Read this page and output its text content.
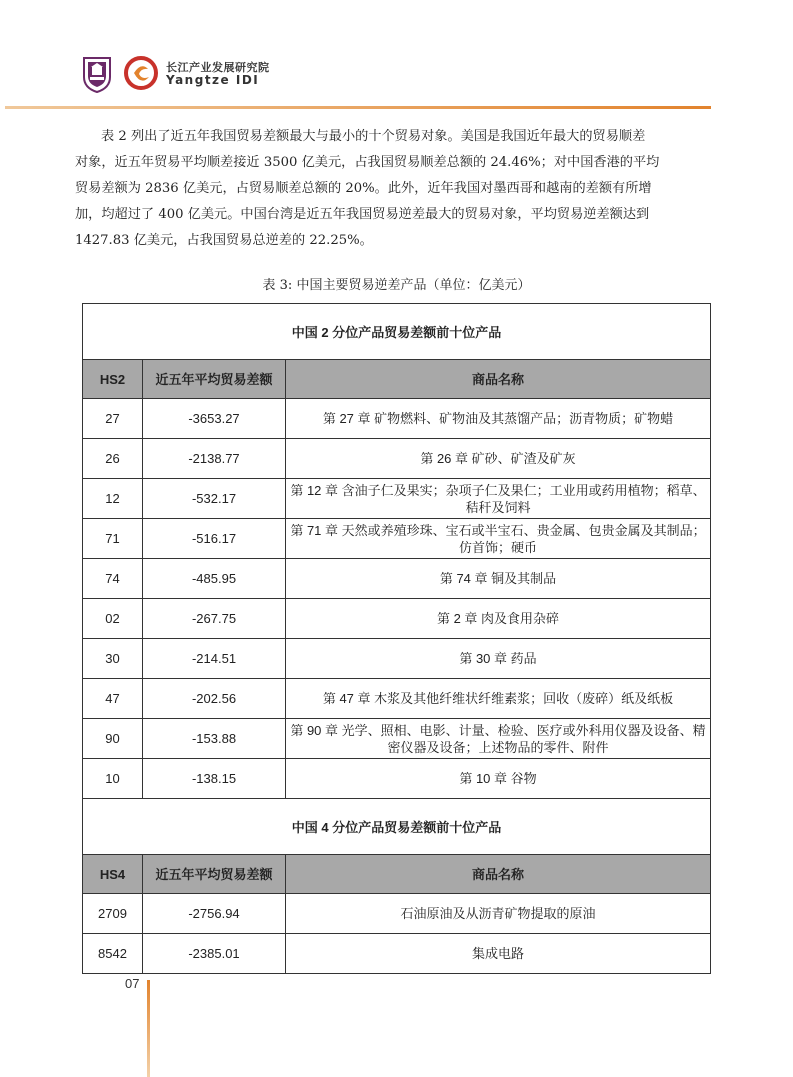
长江产业发展研究院
Yangtze IDI
表 2 列出了近五年我国贸易差额最大与最小的十个贸易对象。美国是我国近年最大的贸易顺差
对象，近五年贸易平均顺差接近 3500 亿美元，占我国贸易顺差总额的 24.46%；对中国香港的平均
贸易差额为 2836 亿美元，占贸易顺差总额的 20%。此外，近年我国对墨西哥和越南的差额有所增
加，均超过了 400 亿美元。中国台湾是近五年我国贸易逆差最大的贸易对象，平均贸易逆差额达到
1427.83 亿美元，占我国贸易总逆差的 22.25%。
表 3: 中国主要贸易逆差产品（单位：亿美元）
中国 2 分位产品贸易差额前十位产品		
HS2	近五年平均贸易差额	商品名称
27	-3653.27	第 27 章 矿物燃料、矿物油及其蒸馏产品；沥青物质；矿物蜡
26	-2138.77	第 26 章 矿砂、矿渣及矿灰
12	-532.17	第 12 章 含油子仁及果实；杂项子仁及果仁；工业用或药用植物；稻草、秸秆及饲料
71	-516.17	第 71 章 天然或养殖珍珠、宝石或半宝石、贵金属、包贵金属及其制品；仿首饰；硬币
74	-485.95	第 74 章 铜及其制品
02	-267.75	第 2 章 肉及食用杂碎
30	-214.51	第 30 章 药品
47	-202.56	第 47 章 木浆及其他纤维状纤维素浆；回收（废碎）纸及纸板
90	-153.88	第 90 章 光学、照相、电影、计量、检验、医疗或外科用仪器及设备、精密仪器及设备；上述物品的零件、附件
10	-138.15	第 10 章 谷物
中国 4 分位产品贸易差额前十位产品		
HS4	近五年平均贸易差额	商品名称
2709	-2756.94	石油原油及从沥青矿物提取的原油
8542	-2385.01	集成电路
07
